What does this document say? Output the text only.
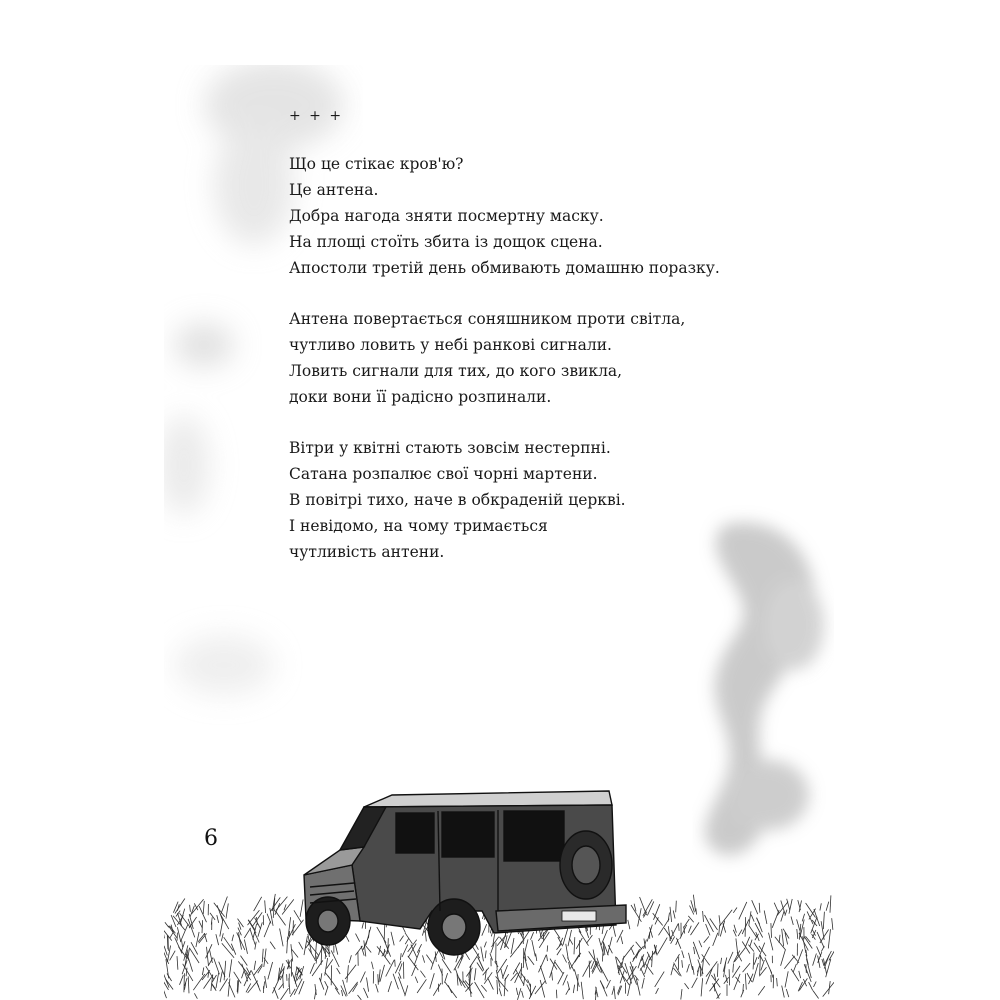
+ + +
Що це стікає кров'ю?
Це антена.
Добра нагода зняти посмертну маску.
На площі стоїть збита із дощок сцена.
Апостоли третій день обмивають домашню поразку.
Антена повертається соняшником проти світла,
чутливо ловить у небі ранкові сигнали.
Ловить сигнали для тих, до кого звикла,
доки вони її радісно розпинали.
Вітри у квітні стають зовсім нестерпні.
Сатана розпалює свої чорні мартени.
В повітрі тихо, наче в обкраденій церкві.
І невідомо, на чому тримається
чутливість антени.
6
